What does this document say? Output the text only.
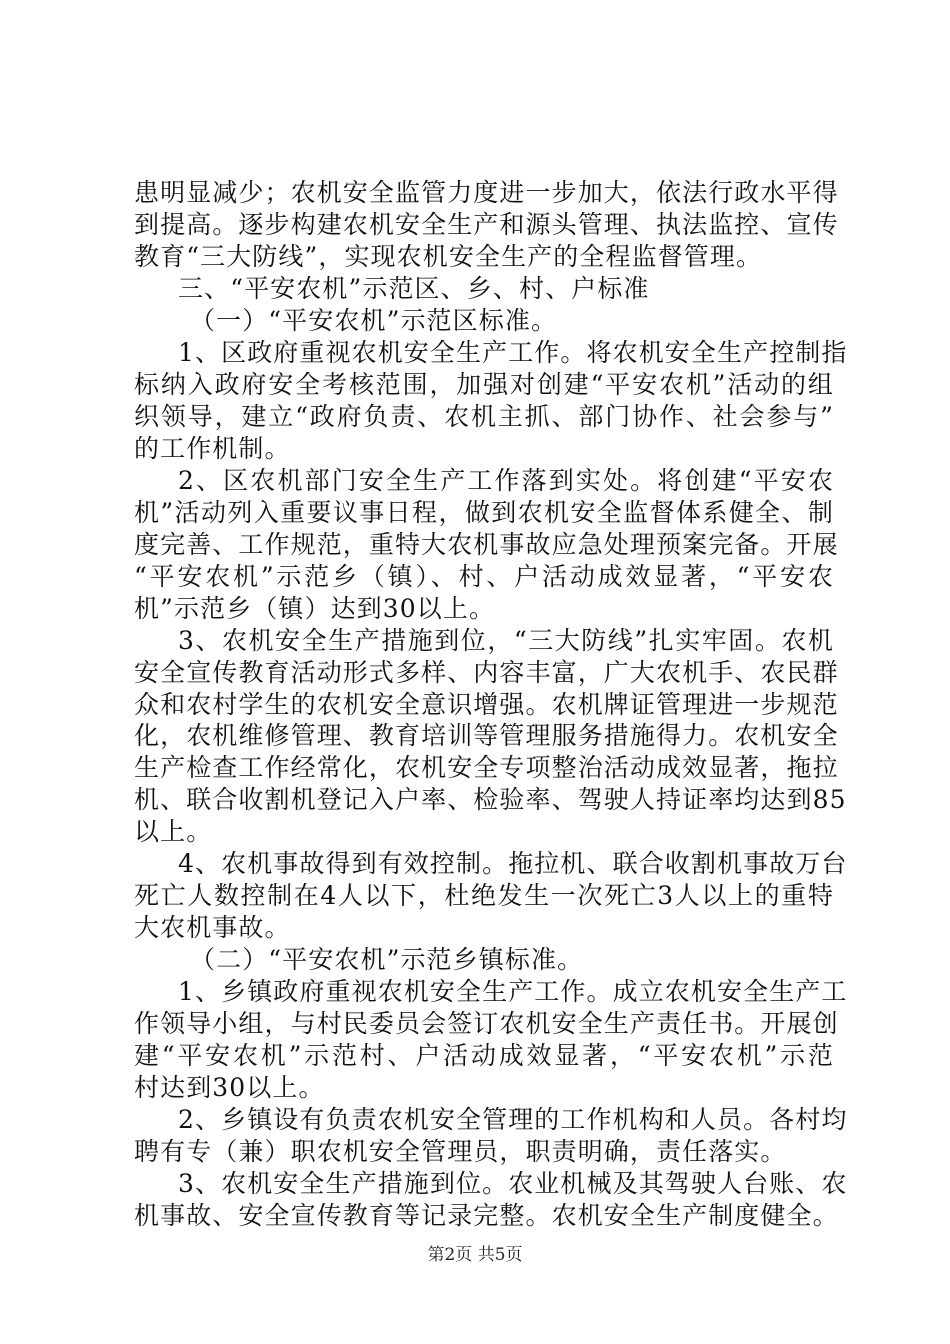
患明显减少；农机安全监管力度进一步加大，依法行政水平得
到提高。逐步构建农机安全生产和源头管理、执法监控、宣传
教育“三大防线”，实现农机安全生产的全程监督管理。
三、“平安农机”示范区、乡、村、户标准
（一）“平安农机”示范区标准。
1、区政府重视农机安全生产工作。将农机安全生产控制指
标纳入政府安全考核范围，加强对创建“平安农机”活动的组
织领导，建立“政府负责、农机主抓、部门协作、社会参与”
的工作机制。
2、区农机部门安全生产工作落到实处。将创建“平安农
机”活动列入重要议事日程，做到农机安全监督体系健全、制
度完善、工作规范，重特大农机事故应急处理预案完备。开展
“平安农机”示范乡（镇）、村、户活动成效显著，“平安农
机”示范乡（镇）达到30以上。
3、农机安全生产措施到位，“三大防线”扎实牢固。农机
安全宣传教育活动形式多样、内容丰富，广大农机手、农民群
众和农村学生的农机安全意识增强。农机牌证管理进一步规范
化，农机维修管理、教育培训等管理服务措施得力。农机安全
生产检查工作经常化，农机安全专项整治活动成效显著，拖拉
机、联合收割机登记入户率、检验率、驾驶人持证率均达到85
以上。
4、农机事故得到有效控制。拖拉机、联合收割机事故万台
死亡人数控制在4人以下，杜绝发生一次死亡3人以上的重特
大农机事故。
（二）“平安农机”示范乡镇标准。
1、乡镇政府重视农机安全生产工作。成立农机安全生产工
第2页 共5页
作领导小组，与村民委员会签订农机安全生产责任书。开展创
建“平安农机”示范村、户活动成效显著，“平安农机”示范
村达到30以上。
2、乡镇设有负责农机安全管理的工作机构和人员。各村均
聘有专（兼）职农机安全管理员，职责明确，责任落实。
3、农机安全生产措施到位。农业机械及其驾驶人台账、农
机事故、安全宣传教育等记录完整。农机安全生产制度健全。
